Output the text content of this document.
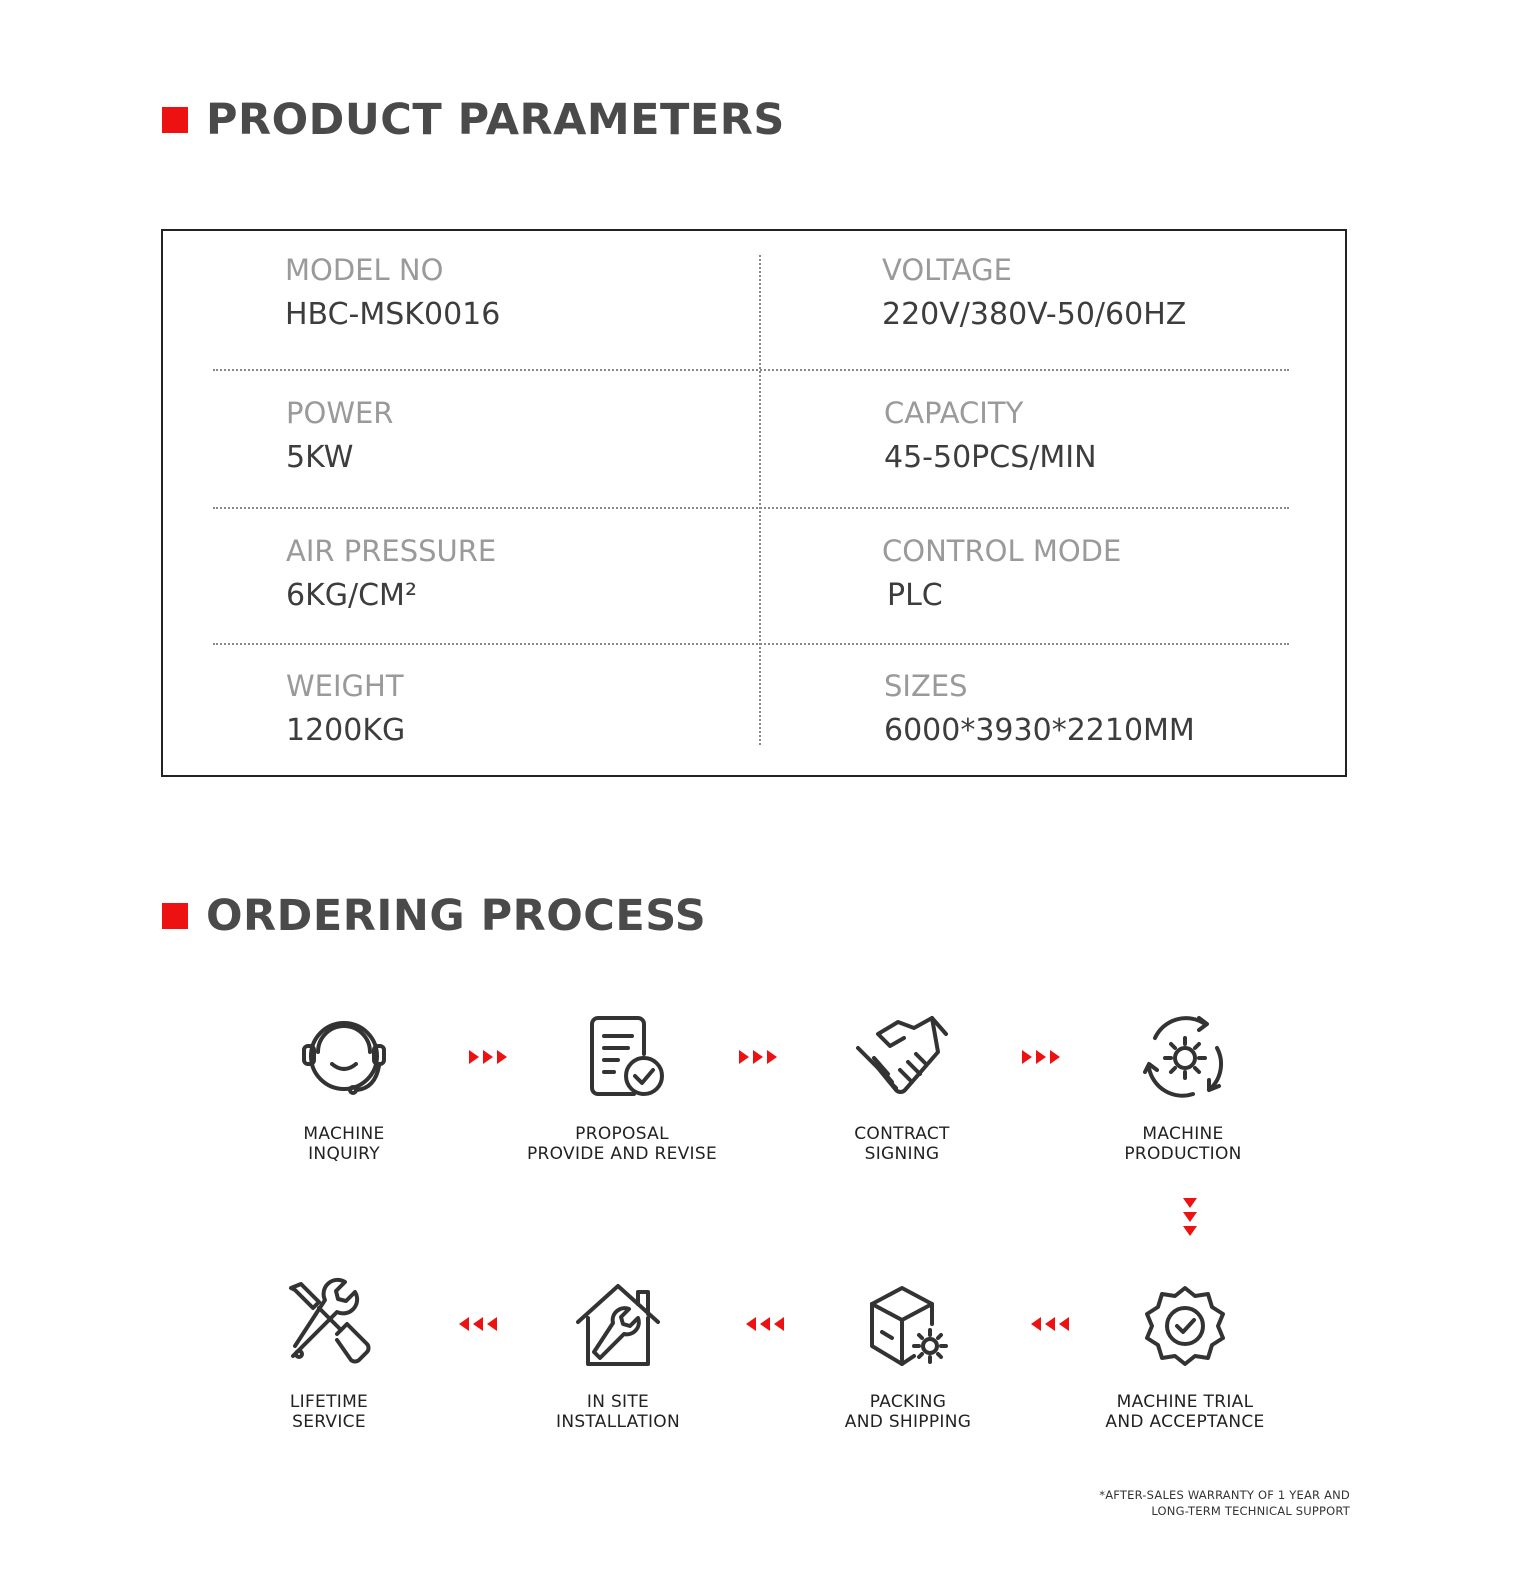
PRODUCT PARAMETERS
MODEL NO
HBC-MSK0016
VOLTAGE
220V/380V-50/60HZ
POWER
5KW
CAPACITY
45-50PCS/MIN
AIR PRESSURE
6KG/CM²
CONTROL MODE
PLC
WEIGHT
1200KG
SIZES
6000*3930*2210MM
ORDERING PROCESS
MACHINE
INQUIRY
PROPOSAL
PROVIDE AND REVISE
CONTRACT
SIGNING
MACHINE
PRODUCTION
MACHINE TRIAL
AND ACCEPTANCE
PACKING
AND SHIPPING
IN SITE
INSTALLATION
LIFETIME
SERVICE
*AFTER-SALES WARRANTY OF 1 YEAR AND
LONG-TERM TECHNICAL SUPPORT
